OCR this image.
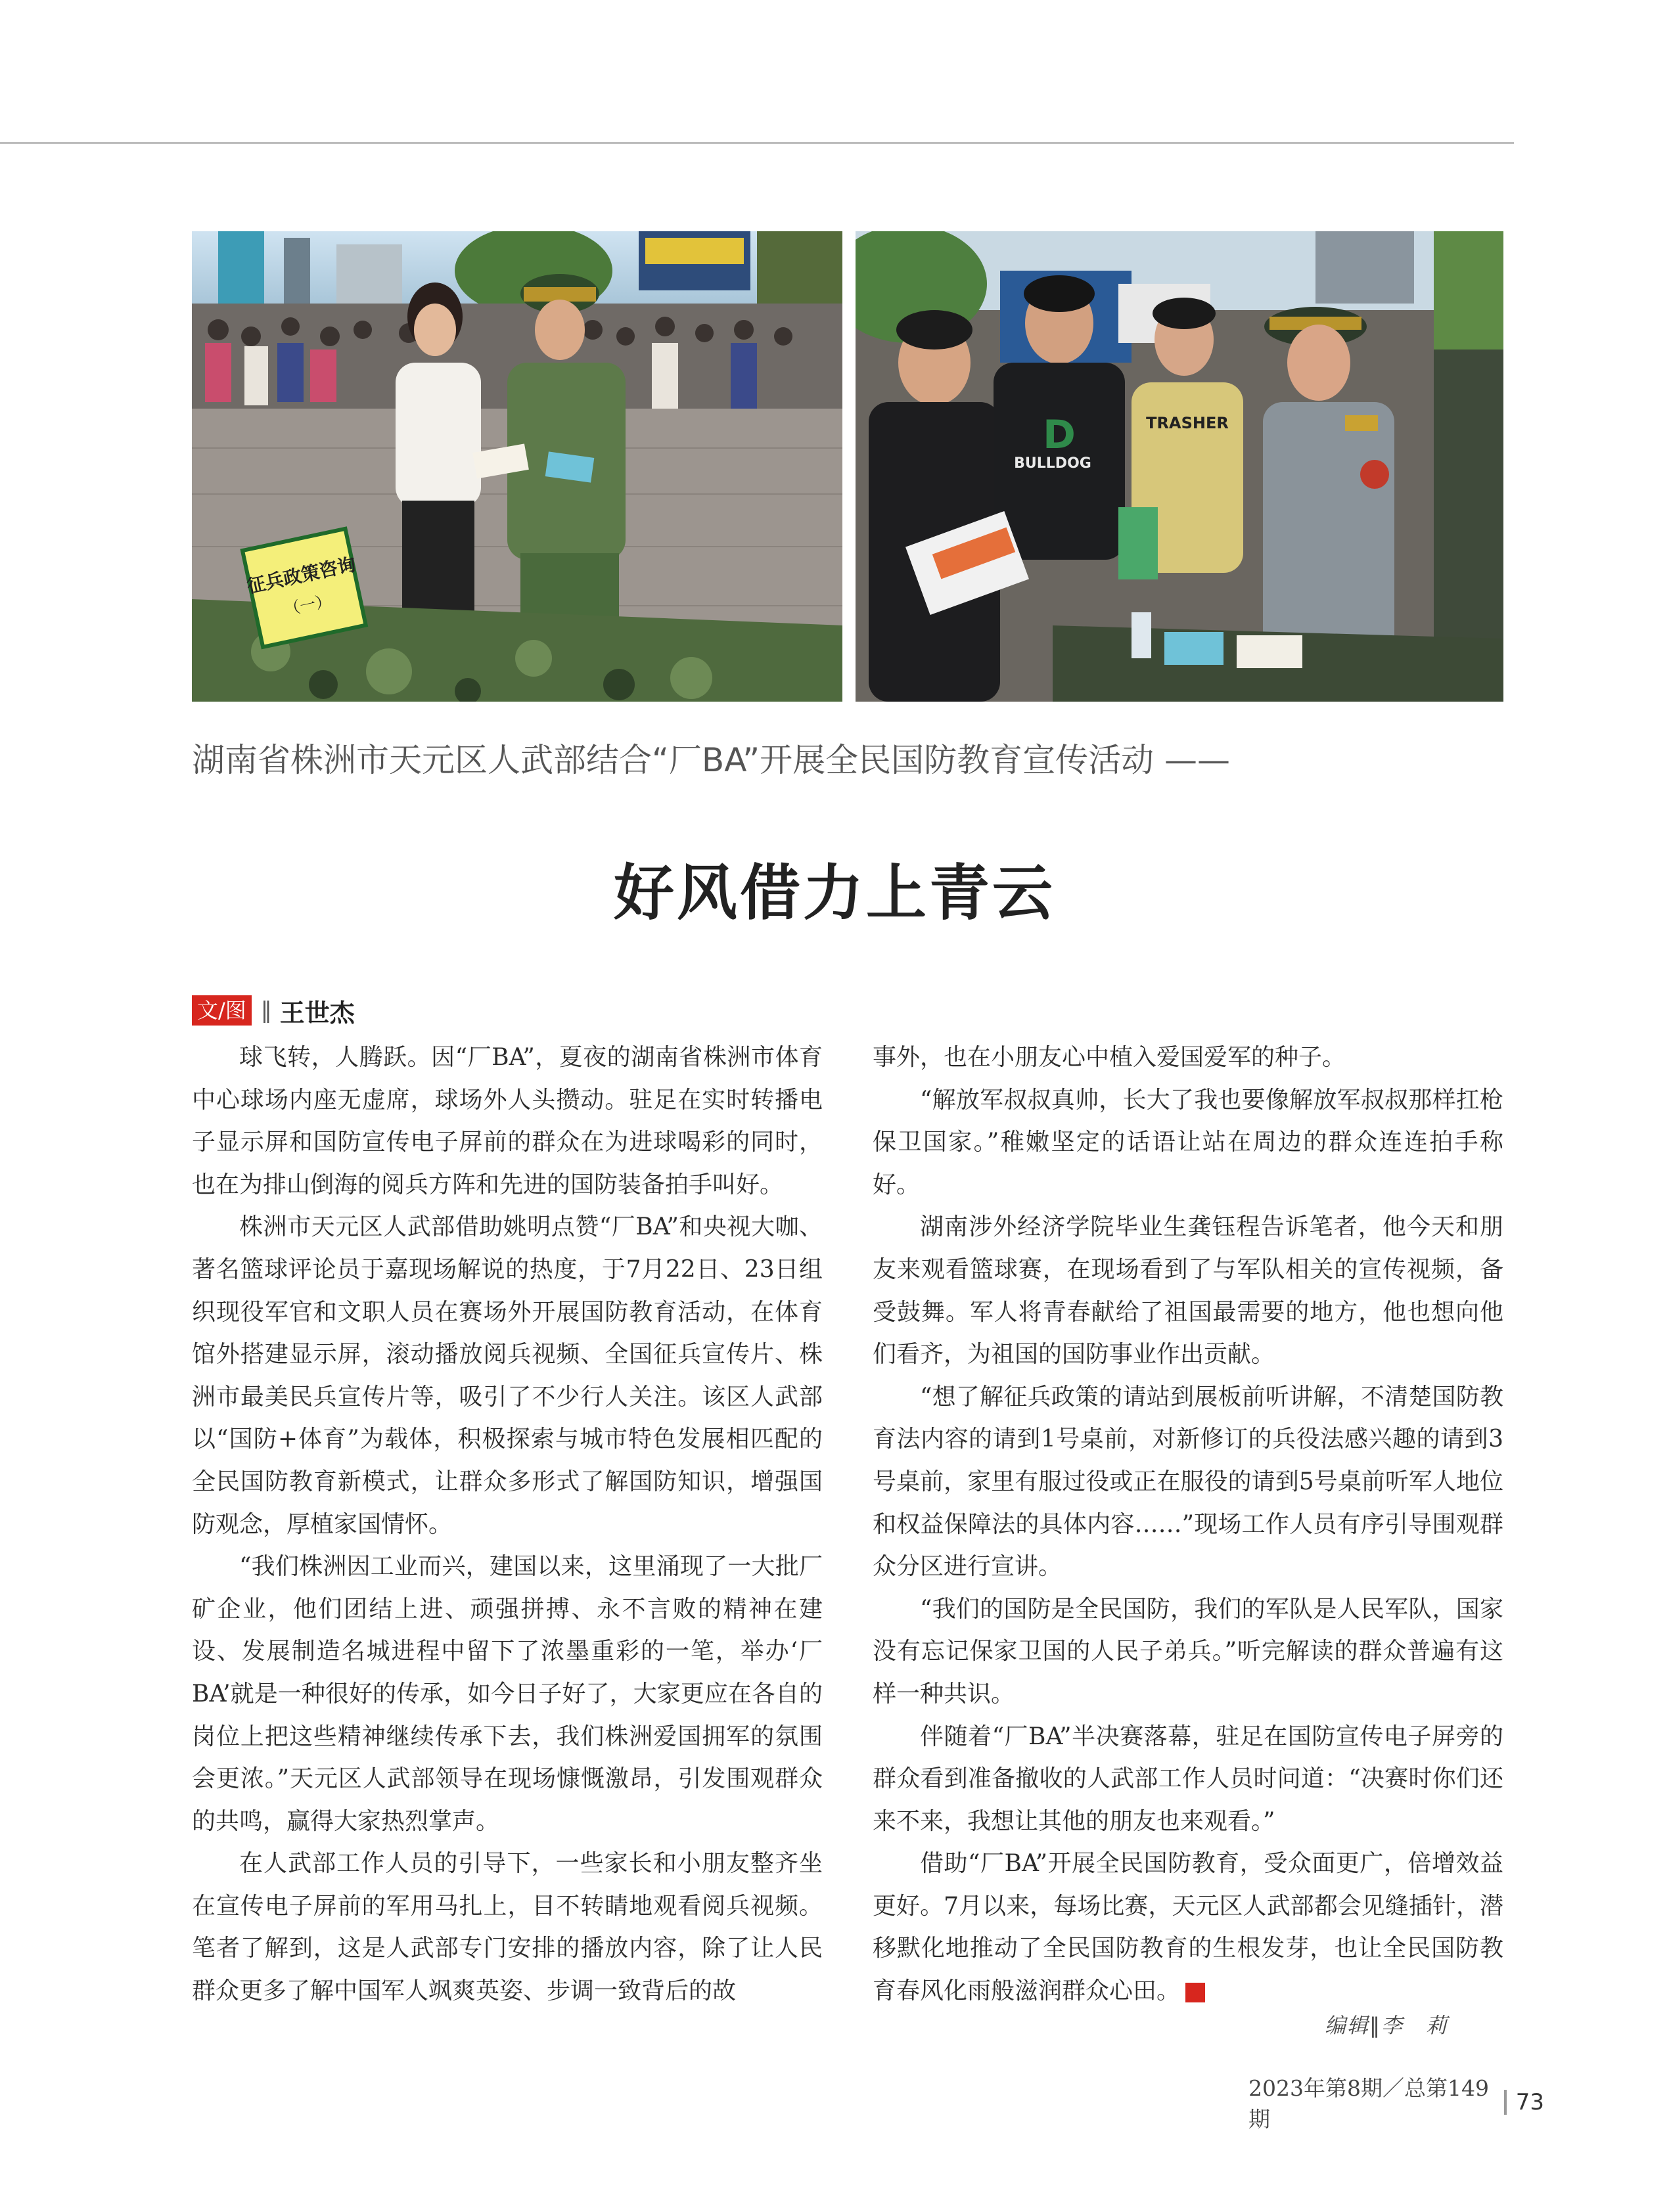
征兵政策咨询
（一）
D
BULLDOG
TRASHER
湖南省株洲市天元区人武部结合“厂BA”开展全民国防教育宣传活动 ——
好风借力上青云
文/图 ‖ 王世杰

球飞转，人腾跃。因“厂BA”，夏夜的湖南省株洲市体育中心球场内座无虚席，球场外人头攒动。驻足在实时转播电子显示屏和国防宣传电子屏前的群众在为进球喝彩的同时，也在为排山倒海的阅兵方阵和先进的国防装备拍手叫好。

株洲市天元区人武部借助姚明点赞“厂BA”和央视大咖、著名篮球评论员于嘉现场解说的热度，于7月22日、23日组织现役军官和文职人员在赛场外开展国防教育活动，在体育馆外搭建显示屏，滚动播放阅兵视频、全国征兵宣传片、株洲市最美民兵宣传片等，吸引了不少行人关注。该区人武部以“国防+体育”为载体，积极探索与城市特色发展相匹配的全民国防教育新模式，让群众多形式了解国防知识，增强国防观念，厚植家国情怀。

“我们株洲因工业而兴，建国以来，这里涌现了一大批厂矿企业，他们团结上进、顽强拼搏、永不言败的精神在建设、发展制造名城进程中留下了浓墨重彩的一笔，举办‘厂BA’就是一种很好的传承，如今日子好了，大家更应在各自的岗位上把这些精神继续传承下去，我们株洲爱国拥军的氛围会更浓。”天元区人武部领导在现场慷慨激昂，引发围观群众的共鸣，赢得大家热烈掌声。

在人武部工作人员的引导下，一些家长和小朋友整齐坐在宣传电子屏前的军用马扎上，目不转睛地观看阅兵视频。笔者了解到，这是人武部专门安排的播放内容，除了让人民群众更多了解中国军人飒爽英姿、步调一致背后的故

事外，也在小朋友心中植入爱国爱军的种子。

“解放军叔叔真帅，长大了我也要像解放军叔叔那样扛枪保卫国家。”稚嫩坚定的话语让站在周边的群众连连拍手称好。

湖南涉外经济学院毕业生龚钰程告诉笔者，他今天和朋友来观看篮球赛，在现场看到了与军队相关的宣传视频，备受鼓舞。军人将青春献给了祖国最需要的地方，他也想向他们看齐，为祖国的国防事业作出贡献。

“想了解征兵政策的请站到展板前听讲解，不清楚国防教育法内容的请到1号桌前，对新修订的兵役法感兴趣的请到3号桌前，家里有服过役或正在服役的请到5号桌前听军人地位和权益保障法的具体内容……”现场工作人员有序引导围观群众分区进行宣讲。

“我们的国防是全民国防，我们的军队是人民军队，国家没有忘记保家卫国的人民子弟兵。”听完解读的群众普遍有这样一种共识。

伴随着“厂BA”半决赛落幕，驻足在国防宣传电子屏旁的群众看到准备撤收的人武部工作人员时问道：“决赛时你们还来不来，我想让其他的朋友也来观看。”

借助“厂BA”开展全民国防教育，受众面更广，倍增效益更好。7月以来，每场比赛，天元区人武部都会见缝插针，潜移默化地推动了全民国防教育的生根发芽，也让全民国防教育春风化雨般滋润群众心田。	G

编辑‖李　莉
2023年第8期／总第149期
73
